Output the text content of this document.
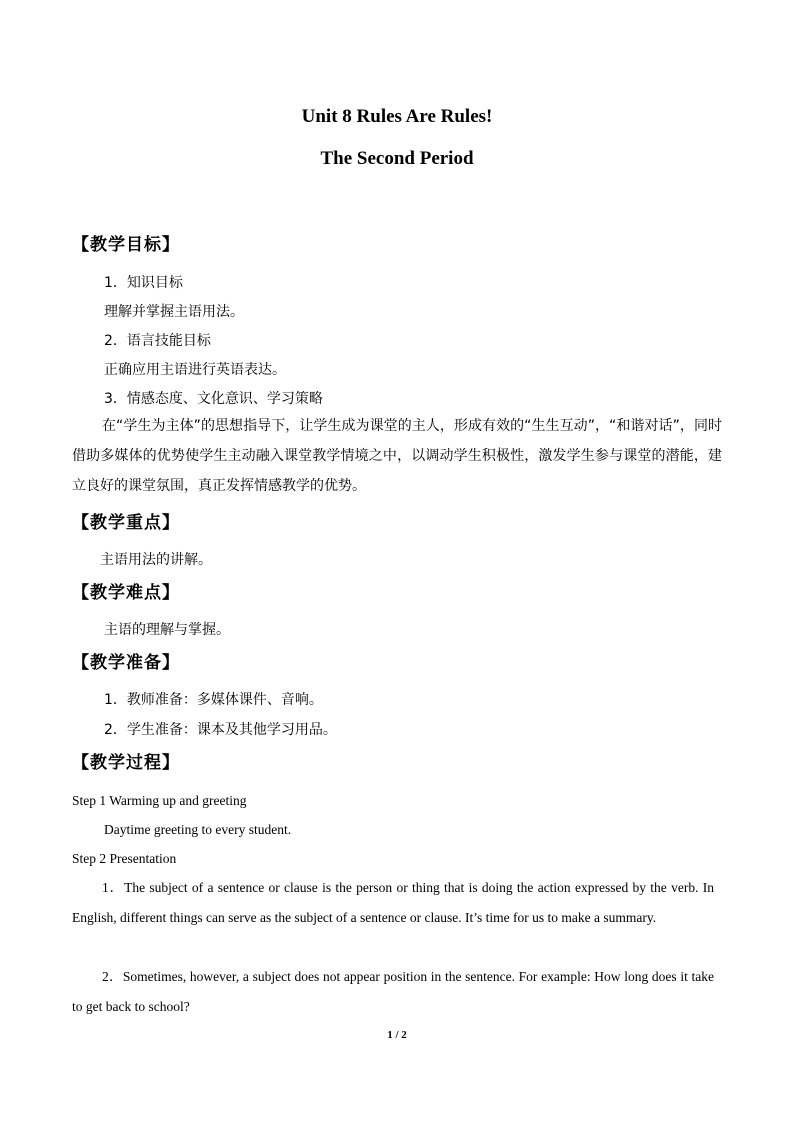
Unit 8 Rules Are Rules!
The Second Period
【教学目标】
1．知识目标
理解并掌握主语用法。
2．语言技能目标
正确应用主语进行英语表达。
3．情感态度、文化意识、学习策略
在“学生为主体”的思想指导下，让学生成为课堂的主人，形成有效的“生生互动”，“和谐对话”，同时借助多媒体的优势使学生主动融入课堂教学情境之中，以调动学生积极性，激发学生参与课堂的潜能，建立良好的课堂氛围，真正发挥情感教学的优势。
【教学重点】
主语用法的讲解。
【教学难点】
主语的理解与掌握。
【教学准备】
1．教师准备：多媒体课件、音响。
2．学生准备：课本及其他学习用品。
【教学过程】
Step 1 Warming up and greeting
Daytime greeting to every student.
Step 2 Presentation
1．The subject of a sentence or clause is the person or thing that is doing the action expressed by the verb. In English, different things can serve as the subject of a sentence or clause. It’s time for us to make a summary.
2．Sometimes, however, a subject does not appear position in the sentence. For example: How long does it take to get back to school?
1 / 2
